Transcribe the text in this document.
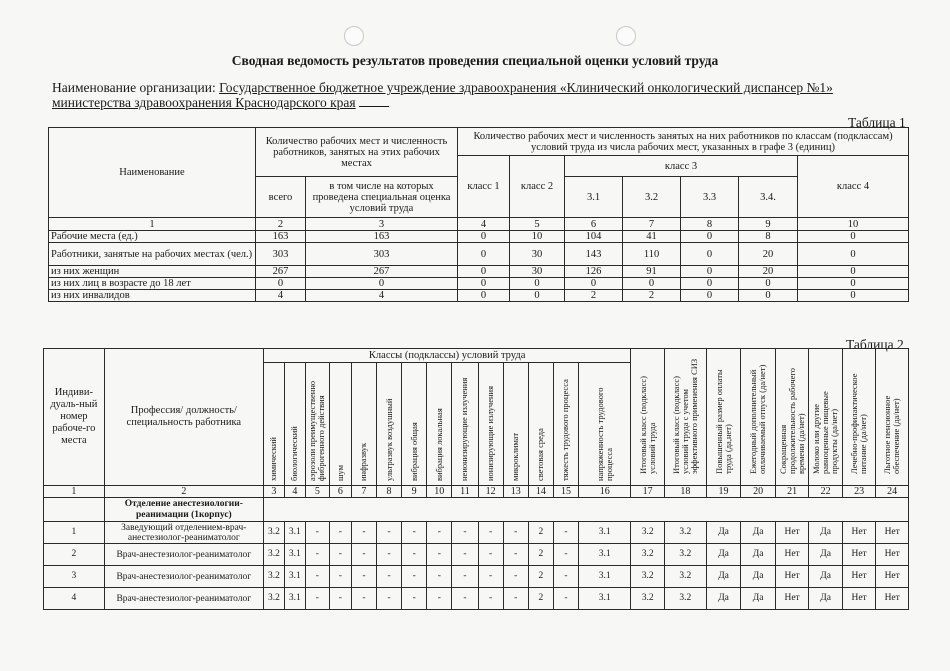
Сводная ведомость результатов проведения специальной оценки условий труда
Наименование организации: Государственное бюджетное учреждение здравоохранения «Клинический онкологический диспансер №1» министерства здравоохранения Краснодарского края
Таблица 1
Наименование	Количество рабочих мест и численность работников, занятых на этих рабочих местах		Количество рабочих мест и численность занятых на них работников по классам (подклассам) условий труда из числа рабочих мест, указанных в графе 3 (единиц)						
			класс 1	класс 2	класс 3				класс 4
	всего	в том числе на которых проведена специальная оценка условий труда			3.1	3.2	3.3	3.4.	
1	2	3	4	5	6	7	8	9	10
Рабочие места (ед.)	163	163	0	10	104	41	0	8	0
Работники, занятые на рабочих местах (чел.)	303	303	0	30	143	110	0	20	0
из них женщин	267	267	0	30	126	91	0	20	0
из них лиц в возрасте до 18 лет	0	0	0	0	0	0	0	0	0
из них инвалидов	4	4	0	0	2	2	0	0	0
Таблица 2
Индиви-дуаль-ный номер рабоче-го места	Профессия/ должность/ специальность работника	Классы (подклассы) условий труда														Итоговый класс (подкласс) условий труда	Итоговый класс (подкласс) условий труда с учетом эффективного применения СИЗ	Повышенный размер оплаты труда (да,нет)	Ежегодный дополнительный оплачиваемый отпуск (да/нет)	Сокращенная продолжительность рабочего времени (да/нет)	Молоко или другие равноценные пищевые продукты (да/нет)	Лечебно-профилактическое питание (да/нет)	Льготное пенсионное обеспечение (да/нет)
		химический	биологический	аэрозоли преимущественно фиброгенного действия	шум	инфразвук	ультразвук воздушный	вибрация общая	вибрация локальная	неионизирующие излучения	ионизирующие излучения	микроклимат	световая среда	тяжесть трудового процесса	напряженность трудового процесса								
1	2	3	4	5	6	7	8	9	10	11	12	13	14	15	16	17	18	19	20	21	22	23	24
	Отделение анестезиологии-реанимации (1корпус)																						
1	Заведующий отделением-врач-анестезиолог-реаниматолог	3.2	3.1	-	-	-	-	-	-	-	-	-	2	-	3.1	3.2	3.2	Да	Да	Нет	Да	Нет	Нет
2	Врач-анестезиолог-реаниматолог	3.2	3.1	-	-	-	-	-	-	-	-	-	2	-	3.1	3.2	3.2	Да	Да	Нет	Да	Нет	Нет
3	Врач-анестезиолог-реаниматолог	3.2	3.1	-	-	-	-	-	-	-	-	-	2	-	3.1	3.2	3.2	Да	Да	Нет	Да	Нет	Нет
4	Врач-анестезиолог-реаниматолог	3.2	3.1	-	-	-	-	-	-	-	-	-	2	-	3.1	3.2	3.2	Да	Да	Нет	Да	Нет	Нет
